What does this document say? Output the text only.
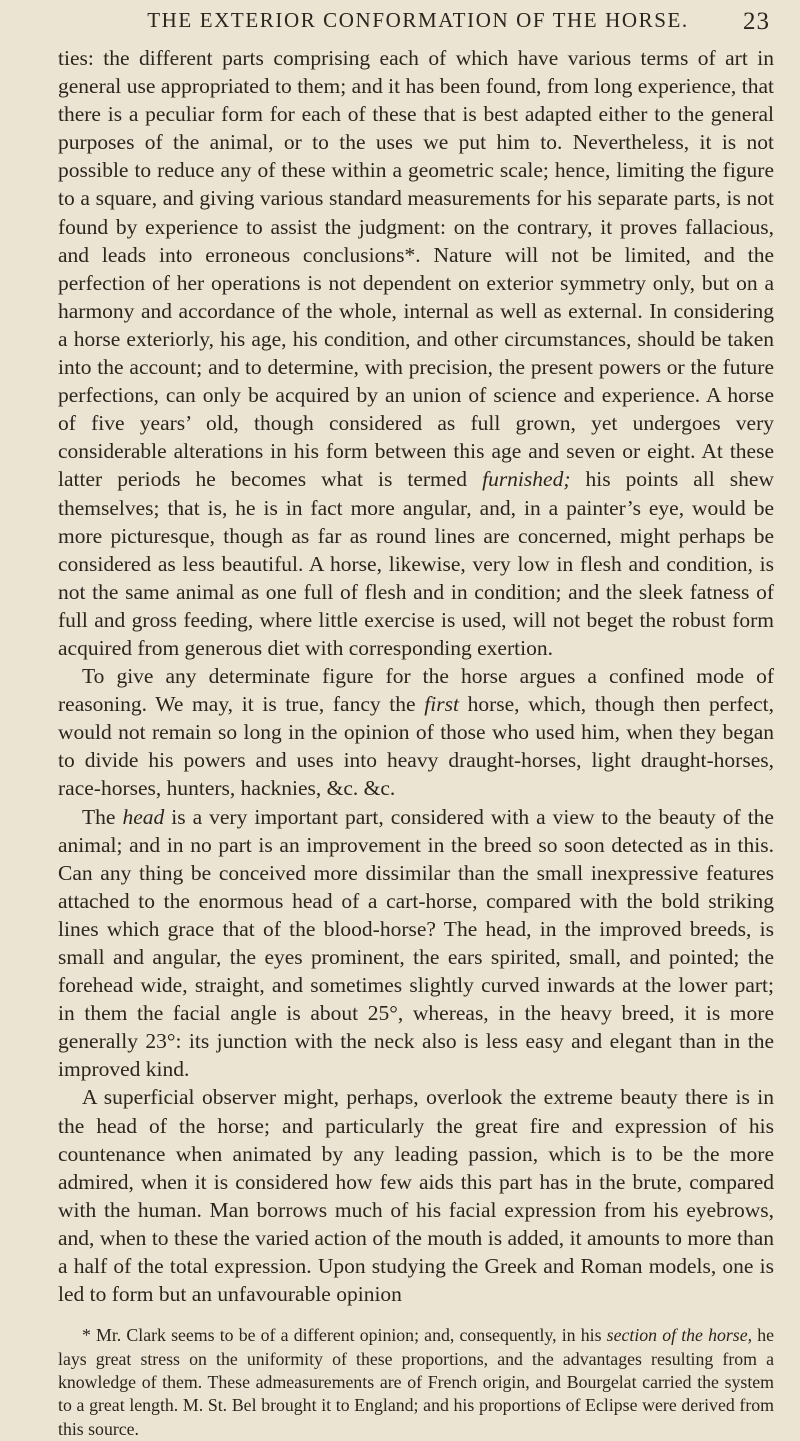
THE EXTERIOR CONFORMATION OF THE HORSE.	23

ties: the different parts comprising each of which have various terms of art in general use appropriated to them; and it has been found, from long experience, that there is a peculiar form for each of these that is best adapted either to the general purposes of the animal, or to the uses we put him to. Nevertheless, it is not possible to reduce any of these within a geometric scale; hence, limiting the figure to a square, and giving various standard measurements for his separate parts, is not found by experience to assist the judgment: on the contrary, it proves fallacious, and leads into erroneous conclusions*. Nature will not be limited, and the perfection of her operations is not dependent on exterior symmetry only, but on a harmony and accordance of the whole, internal as well as external. In considering a horse exteriorly, his age, his condition, and other circumstances, should be taken into the account; and to determine, with precision, the present powers or the future perfections, can only be acquired by an union of science and experience. A horse of five years’ old, though considered as full grown, yet undergoes very considerable alterations in his form between this age and seven or eight. At these latter periods he becomes what is termed furnished; his points all shew themselves; that is, he is in fact more angular, and, in a painter’s eye, would be more picturesque, though as far as round lines are concerned, might perhaps be considered as less beautiful. A horse, likewise, very low in flesh and condition, is not the same animal as one full of flesh and in condition; and the sleek fatness of full and gross feeding, where little exercise is used, will not beget the robust form acquired from generous diet with corresponding exertion.

To give any determinate figure for the horse argues a confined mode of reasoning. We may, it is true, fancy the first horse, which, though then perfect, would not remain so long in the opinion of those who used him, when they began to divide his powers and uses into heavy draught-horses, light draught-horses, race-horses, hunters, hacknies, &c. &c.

The head is a very important part, considered with a view to the beauty of the animal; and in no part is an improvement in the breed so soon detected as in this. Can any thing be conceived more dissimilar than the small inexpressive features attached to the enormous head of a cart-horse, compared with the bold striking lines which grace that of the blood-horse? The head, in the improved breeds, is small and angular, the eyes prominent, the ears spirited, small, and pointed; the forehead wide, straight, and sometimes slightly curved inwards at the lower part; in them the facial angle is about 25°, whereas, in the heavy breed, it is more generally 23°: its junction with the neck also is less easy and elegant than in the improved kind.

A superficial observer might, perhaps, overlook the extreme beauty there is in the head of the horse; and particularly the great fire and expression of his countenance when animated by any leading passion, which is to be the more admired, when it is considered how few aids this part has in the brute, compared with the human. Man borrows much of his facial expression from his eyebrows, and, when to these the varied action of the mouth is added, it amounts to more than a half of the total expression. Upon studying the Greek and Roman models, one is led to form but an unfavourable opinion

* Mr. Clark seems to be of a different opinion; and, consequently, in his section of the horse, he lays great stress on the uniformity of these proportions, and the advantages resulting from a knowledge of them. These admeasurements are of French origin, and Bourgelat carried the system to a great length. M. St. Bel brought it to England; and his proportions of Eclipse were derived from this source.
